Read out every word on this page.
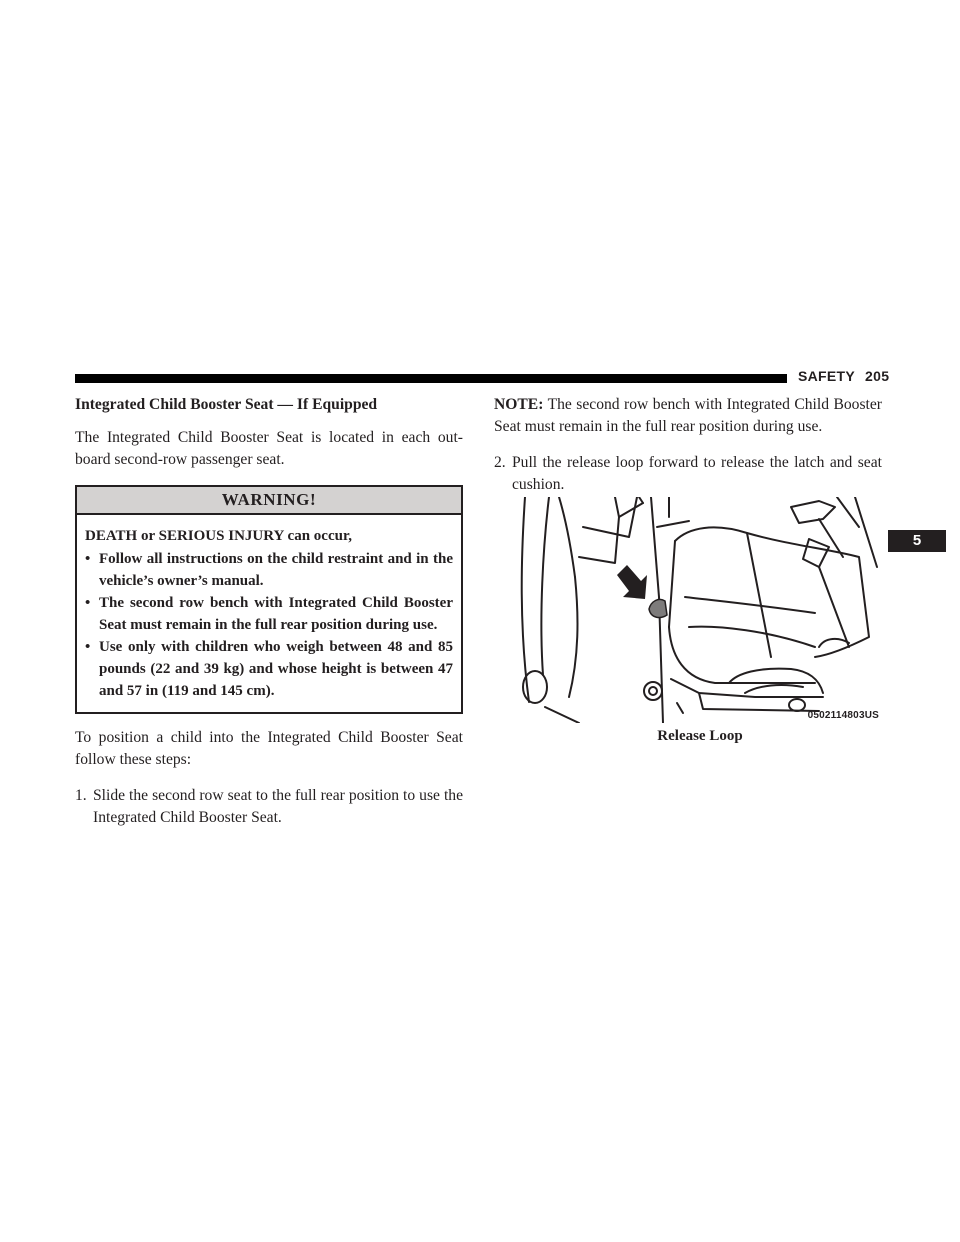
SAFETY 205
5

Integrated Child Booster Seat — If Equipped

The Integrated Child Booster Seat is located in each out-board second-row passenger seat.

WARNING!

DEATH or SERIOUS INJURY can occur,

• Follow all instructions on the child restraint and in the vehicle’s owner’s manual.
• The second row bench with Integrated Child Booster Seat must remain in the full rear position during use.
• Use only with children who weigh between 48 and 85 pounds (22 and 39 kg) and whose height is between 47 and 57 in (119 and 145 cm).

To position a child into the Integrated Child Booster Seat follow these steps:

1. Slide the second row seat to the full rear position to use the Integrated Child Booster Seat.

NOTE: The second row bench with Integrated Child Booster Seat must remain in the full rear position during use.

2. Pull the release loop forward to release the latch and seat cushion.
0502114803US
Release Loop
